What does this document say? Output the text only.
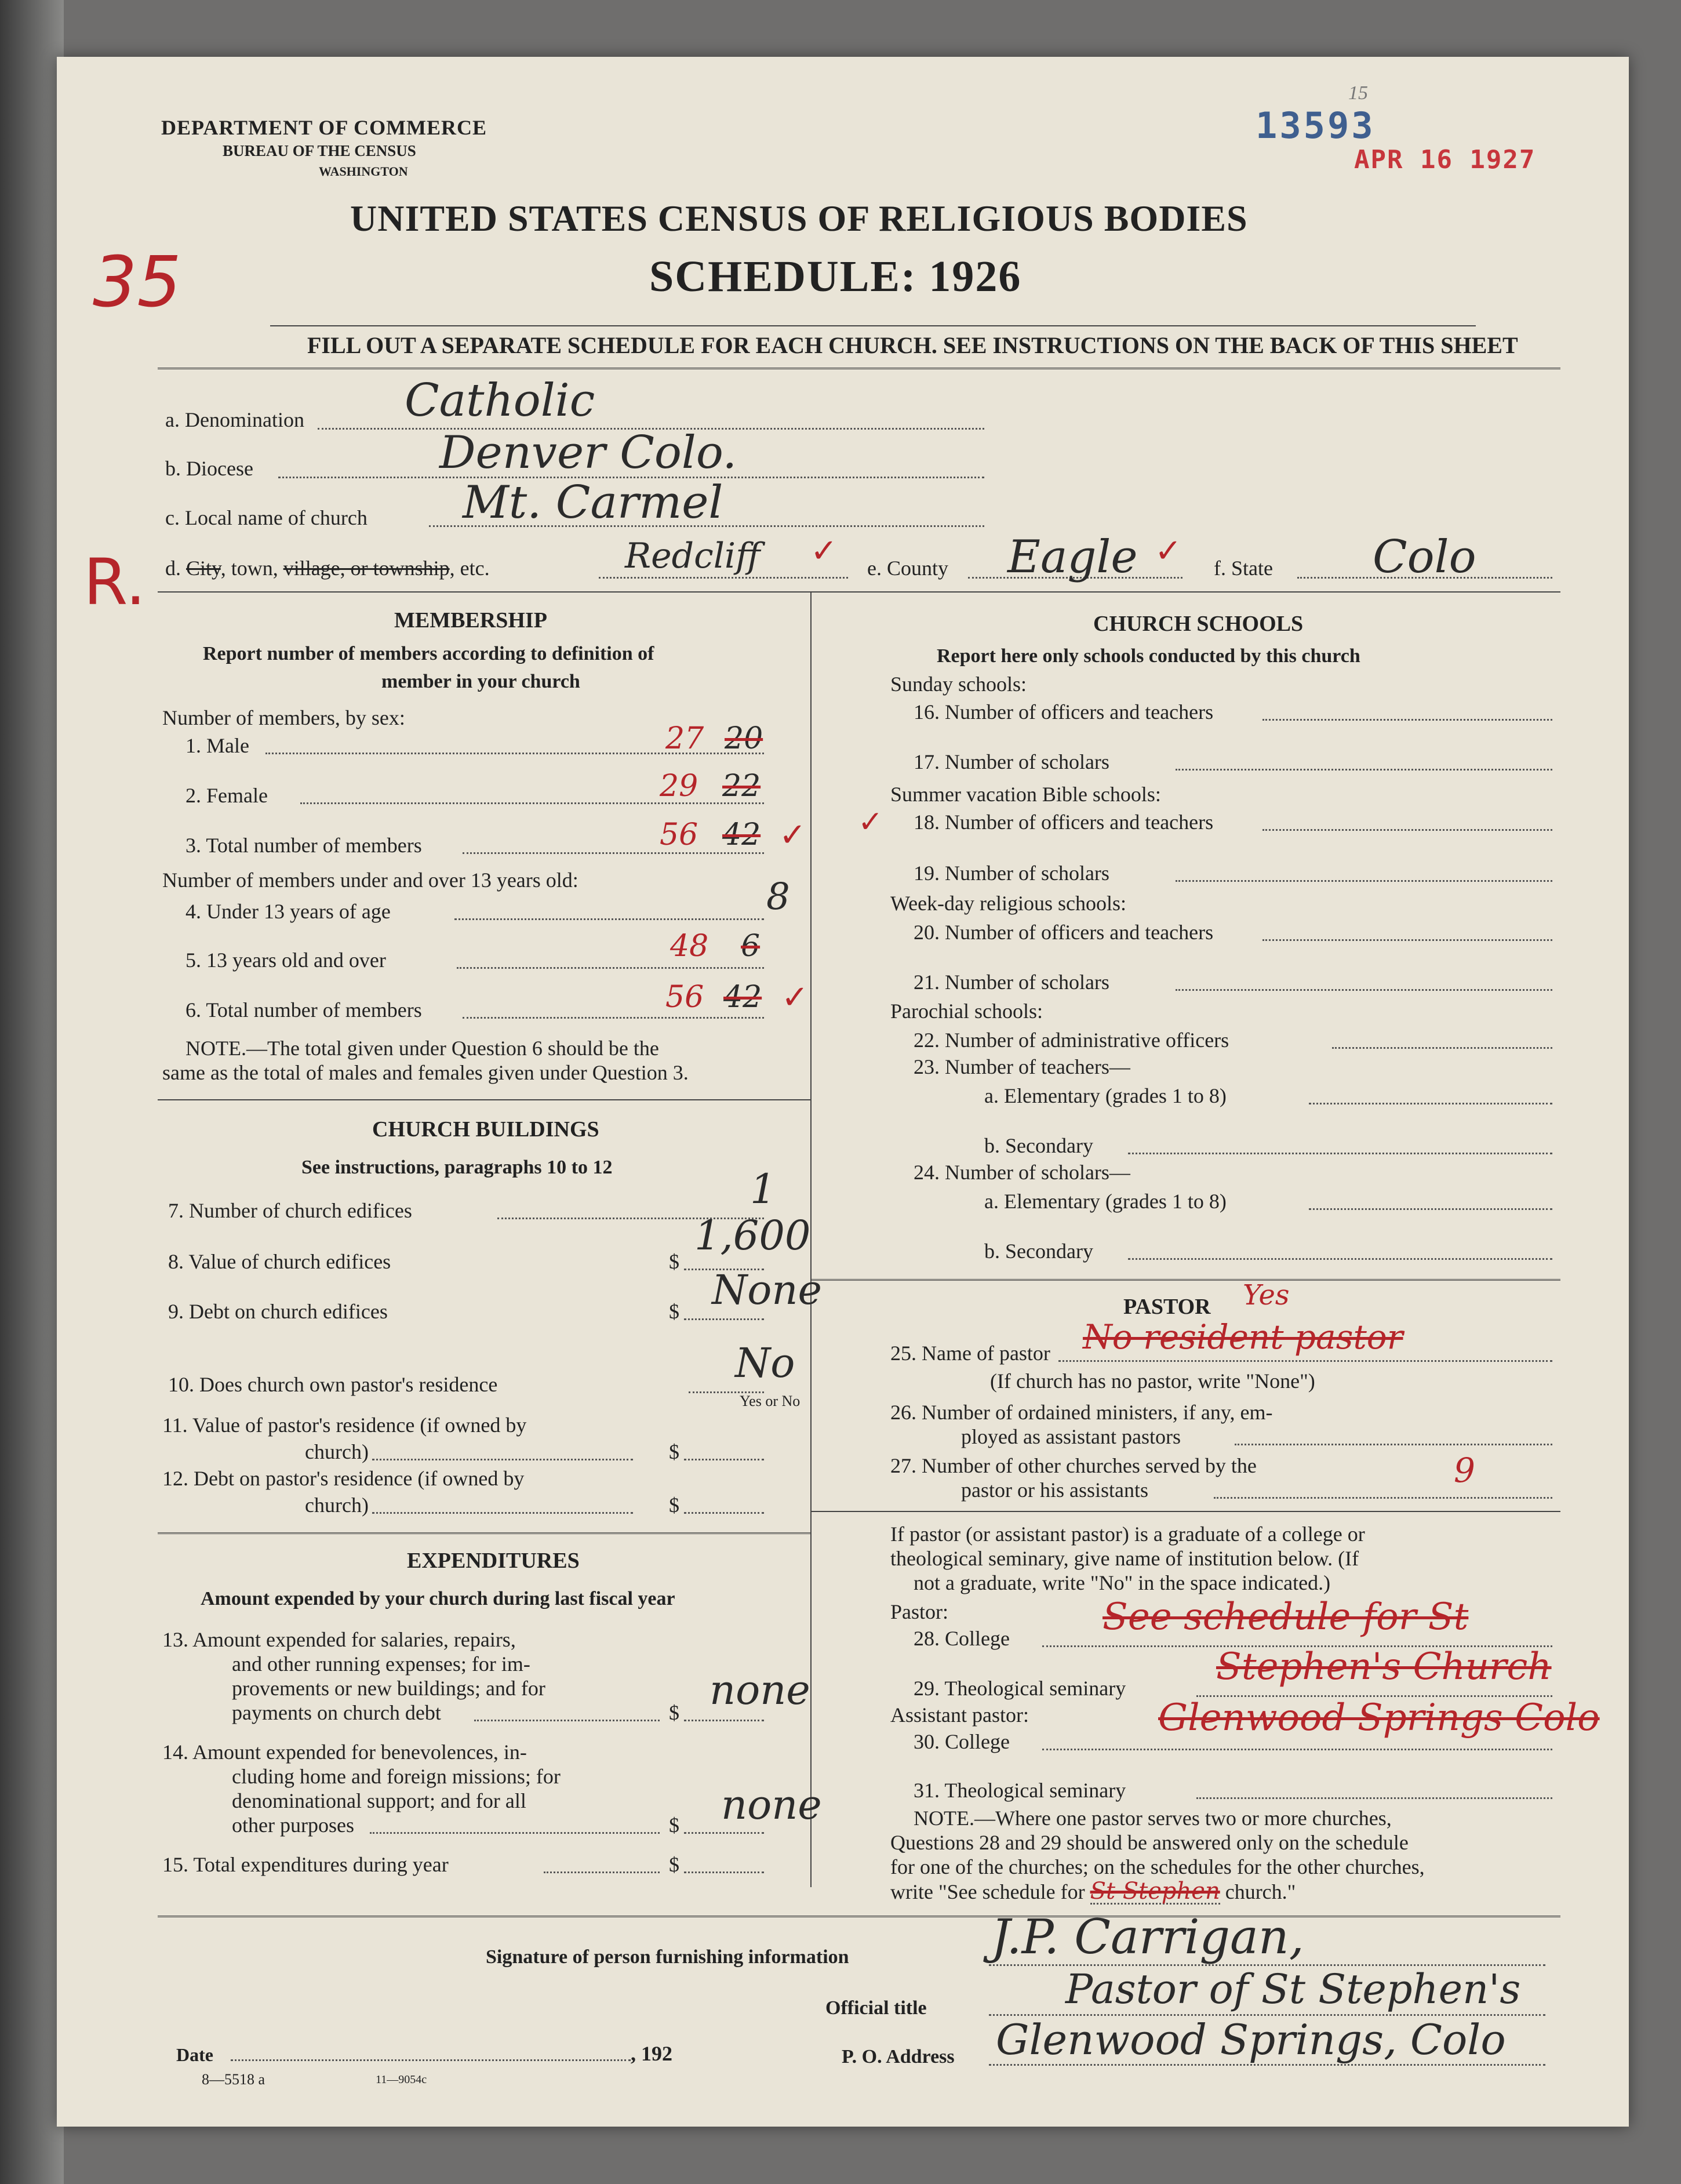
DEPARTMENT OF COMMERCE
BUREAU OF THE CENSUS
WASHINGTON
13593
15
APR 16 1927
UNITED STATES CENSUS OF RELIGIOUS BODIES
SCHEDULE: 1926
35
R.
FILL OUT A SEPARATE SCHEDULE FOR EACH CHURCH. SEE INSTRUCTIONS ON THE BACK OF THIS SHEET
a. Denomination Catholic
b. Diocese	Denver Colo.
c. Local name of church Mt. Carmel
d. City, town, village, or township, etc.	Redcliff ✓ e. County Eagle ✓ f. State Colo
MEMBERSHIP
Report number of members according to definition of
member in your church
Number of members, by sex:
1. Male	27 20
2. Female	29 22
3. Total number of members	56 42 ✓
Number of members under and over 13 years old:
4. Under 13 years of age	8
5. 13 years old and over	48 6
6. Total number of members	56 42 ✓
NOTE.—The total given under Question 6 should be the
same as the total of males and females given under Question 3.
CHURCH BUILDINGS
See instructions, paragraphs 10 to 12
7. Number of church edifices	1
8. Value of church edifices	$
1,600
9. Debt on church edifices	$ None
10. Does church own pastor's residence	No
Yes or No
11. Value of pastor's residence (if owned by
church)	$
12. Debt on pastor's residence (if owned by
church)	$
EXPENDITURES
Amount expended by your church during last fiscal year
13. Amount expended for salaries, repairs,
and other running expenses; for im-
provements or new buildings; and for
payments on church debt	$ none
14. Amount expended for benevolences, in-
cluding home and foreign missions; for
denominational support; and for all
other purposes	$ none
15. Total expenditures during year	$
CHURCH SCHOOLS
Report here only schools conducted by this church
Sunday schools:
16. Number of officers and teachers
17. Number of scholars
Summer vacation Bible schools:
✓ 18. Number of officers and teachers
19. Number of scholars
Week-day religious schools:
20. Number of officers and teachers
21. Number of scholars
Parochial schools:
22. Number of administrative officers
23. Number of teachers—
a. Elementary (grades 1 to 8)
b. Secondary
24. Number of scholars—
a. Elementary (grades 1 to 8)
b. Secondary
PASTOR
25. Name of pastor No resident pastor
Yes
(If church has no pastor, write "None")
26. Number of ordained ministers, if any, em-
ployed as assistant pastors
27. Number of other churches served by the
pastor or his assistants	9
If pastor (or assistant pastor) is a graduate of a college or
theological seminary, give name of institution below. (If
not a graduate, write "No" in the space indicated.)
Pastor:
28. College	See schedule for St
29. Theological seminary Stephen's Church
Assistant pastor:
30. College
Glenwood Springs Colo
31. Theological seminary
NOTE.—Where one pastor serves two or more churches,
Questions 28 and 29 should be answered only on the schedule
for one of the churches; on the schedules for the other churches,
write "See schedule for St Stephen church."
Signature of person furnishing information	J.P. Carrigan,
Official title	Pastor of St Stephen's
Date	, 192	P. O. Address Glenwood Springs, Colo
8—5518 a	11—9054c
